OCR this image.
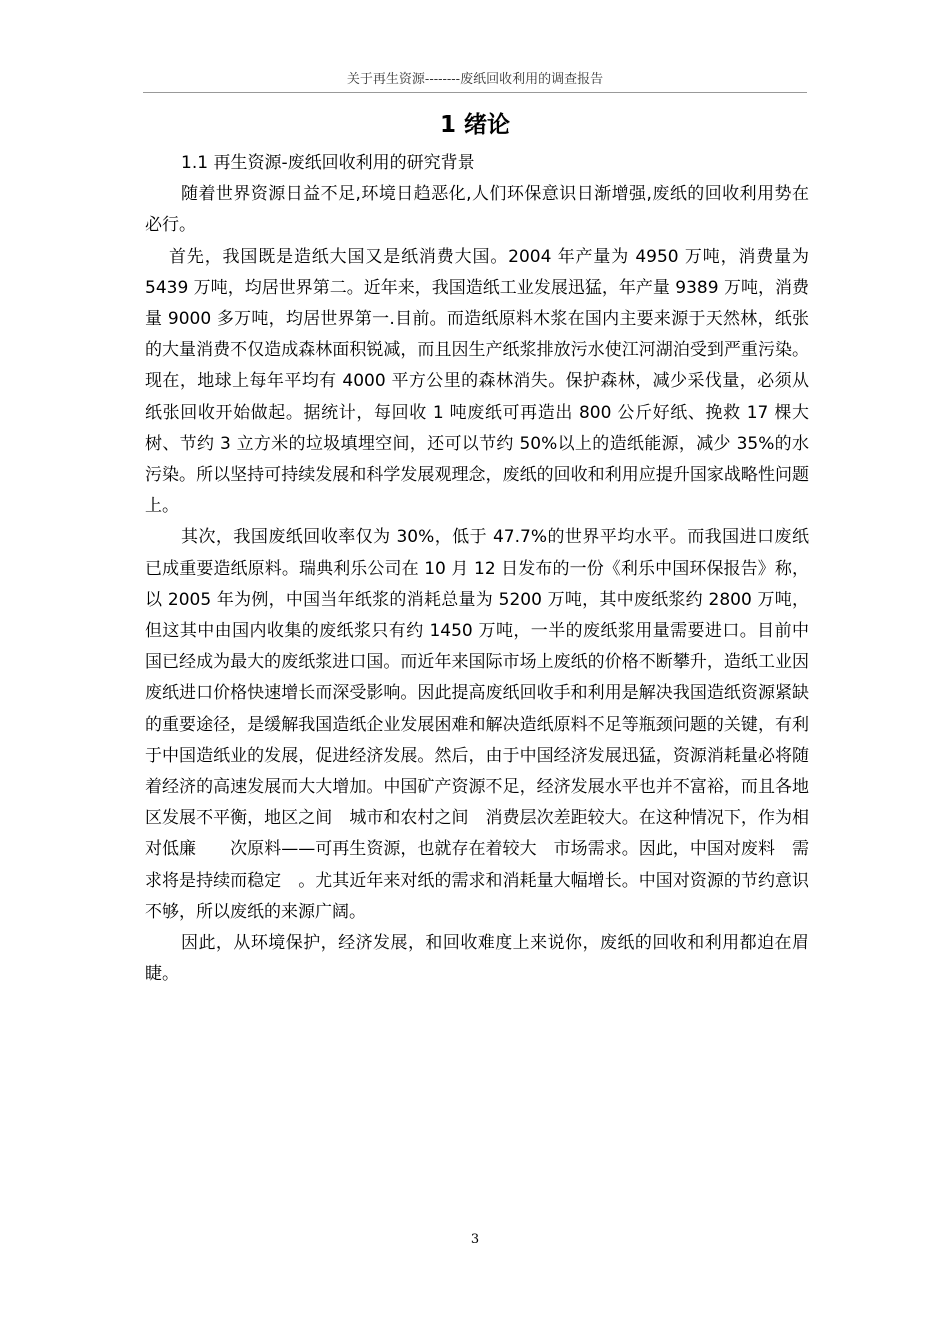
关于再生资源--------废纸回收利用的调查报告
1 绪论

1.1 再生资源-废纸回收利用的研究背景

随着世界资源日益不足,环境日趋恶化,人们环保意识日渐增强,废纸的回收利用势在必行。

首先，我国既是造纸大国又是纸消费大国。2004 年产量为 4950 万吨，消费量为 5439 万吨，均居世界第二。近年来，我国造纸工业发展迅猛，年产量 9389 万吨，消费量 9000 多万吨，均居世界第一.目前。而造纸原料木浆在国内主要来源于天然林，纸张的大量消费不仅造成森林面积锐减，而且因生产纸浆排放污水使江河湖泊受到严重污染。现在，地球上每年平均有 4000 平方公里的森林消失。保护森林，减少采伐量，必须从纸张回收开始做起。据统计，每回收 1 吨废纸可再造出 800 公斤好纸、挽救 17 棵大树、节约 3 立方米的垃圾填埋空间，还可以节约 50%以上的造纸能源，减少 35%的水污染。所以坚持可持续发展和科学发展观理念，废纸的回收和利用应提升国家战略性问题上。

其次，我国废纸回收率仅为 30%，低于 47.7%的世界平均水平。而我国进口废纸已成重要造纸原料。瑞典利乐公司在 10 月 12 日发布的一份《利乐中国环保报告》称，以 2005 年为例，中国当年纸浆的消耗总量为 5200 万吨，其中废纸浆约 2800 万吨，但这其中由国内收集的废纸浆只有约 1450 万吨，一半的废纸浆用量需要进口。目前中国已经成为最大的废纸浆进口国。而近年来国际市场上废纸的价格不断攀升，造纸工业因废纸进口价格快速增长而深受影响。因此提高废纸回收手和利用是解决我国造纸资源紧缺的重要途径，是缓解我国造纸企业发展困难和解决造纸原料不足等瓶颈问题的关键，有利于中国造纸业的发展，促进经济发展。然后，由于中国经济发展迅猛，资源消耗量必将随着经济的高速发展而大大增加。中国矿产资源不足，经济发展水平也并不富裕，而且各地区发展不平衡，地区之间　城市和农村之间　消费层次差距较大。在这种情况下，作为相对低廉　　次原料——可再生资源，也就存在着较大　市场需求。因此，中国对废料　需求将是持续而稳定　。尤其近年来对纸的需求和消耗量大幅增长。中国对资源的节约意识不够，所以废纸的来源广阔。

因此，从环境保护，经济发展，和回收难度上来说你，废纸的回收和利用都迫在眉睫。

3
